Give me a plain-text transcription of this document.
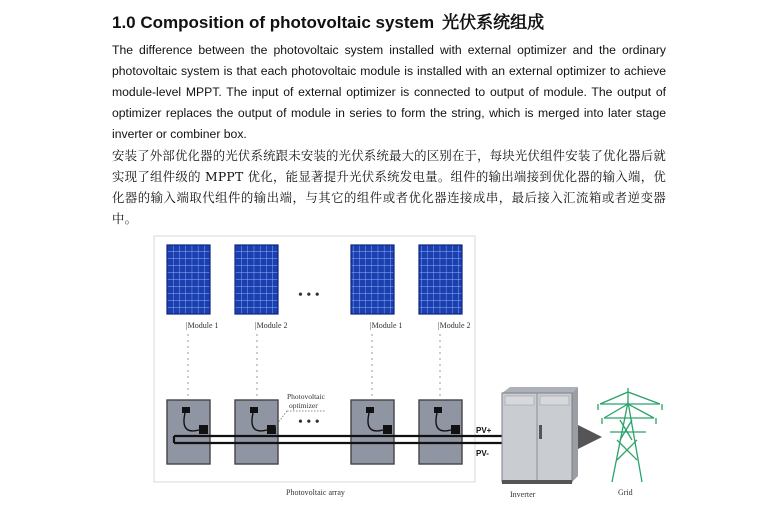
1.0 Composition of photovoltaic system 光伏系统组成
The difference between the photovoltaic system installed with external optimizer and the ordinary photovoltaic system is that each photovoltaic module is installed with an external optimizer to achieve module-level MPPT. The input of external optimizer is connected to output of module. The output of optimizer replaces the output of module in series to form the string, which is merged into later stage inverter or combiner box.
安装了外部优化器的光伏系统跟未安装的光伏系统最大的区别在于，每块光伏组件安装了优化器后就实现了组件级的 MPPT 优化，能显著提升光伏系统发电量。组件的输出端接到优化器的输入端，优化器的输入端取代组件的输出端，与其它的组件或者优化器连接成串，最后接入汇流箱或者逆变器中。
• • •
|Module 1	|Module 2	|Module 1	|Module 2
Photovoltaic
optimizer
• • •
PV+
PV-
Photovoltaic array	Inverter	Grid
